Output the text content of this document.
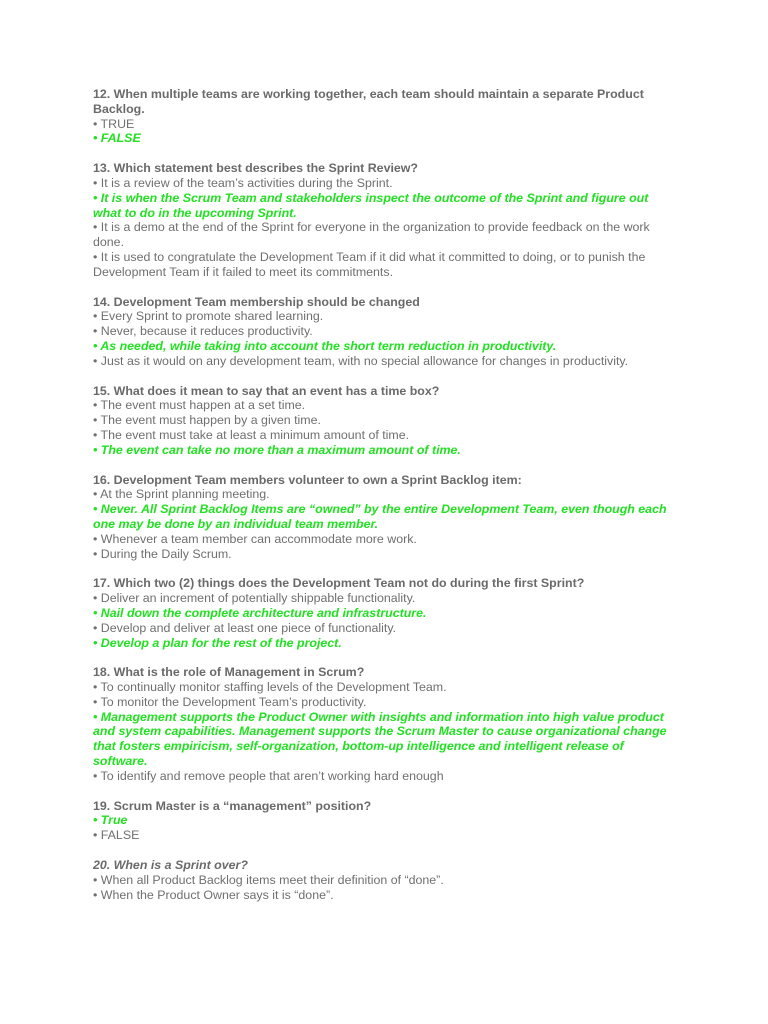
12. When multiple teams are working together, each team should maintain a separate Product Backlog.

• TRUE

• FALSE

13. Which statement best describes the Sprint Review?

• It is a review of the team’s activities during the Sprint.

• It is when the Scrum Team and stakeholders inspect the outcome of the Sprint and figure out what to do in the upcoming Sprint.

• It is a demo at the end of the Sprint for everyone in the organization to provide feedback on the work done.

• It is used to congratulate the Development Team if it did what it committed to doing, or to punish the Development Team if it failed to meet its commitments.

14. Development Team membership should be changed

• Every Sprint to promote shared learning.

• Never, because it reduces productivity.

• As needed, while taking into account the short term reduction in productivity.

• Just as it would on any development team, with no special allowance for changes in productivity.

15. What does it mean to say that an event has a time box?

• The event must happen at a set time.

• The event must happen by a given time.

• The event must take at least a minimum amount of time.

• The event can take no more than a maximum amount of time.

16. Development Team members volunteer to own a Sprint Backlog item:

• At the Sprint planning meeting.

• Never. All Sprint Backlog Items are “owned” by the entire Development Team, even though each one may be done by an individual team member.

• Whenever a team member can accommodate more work.

• During the Daily Scrum.

17. Which two (2) things does the Development Team not do during the first Sprint?

• Deliver an increment of potentially shippable functionality.

• Nail down the complete architecture and infrastructure.

• Develop and deliver at least one piece of functionality.

• Develop a plan for the rest of the project.

18. What is the role of Management in Scrum?

• To continually monitor staffing levels of the Development Team.

• To monitor the Development Team’s productivity.

• Management supports the Product Owner with insights and information into high value product and system capabilities. Management supports the Scrum Master to cause organizational change that fosters empiricism, self-organization, bottom-up intelligence and intelligent release of software.

• To identify and remove people that aren’t working hard enough

19. Scrum Master is a “management” position?

• True

• FALSE

20. When is a Sprint over?

• When all Product Backlog items meet their definition of “done”.

• When the Product Owner says it is “done”.
